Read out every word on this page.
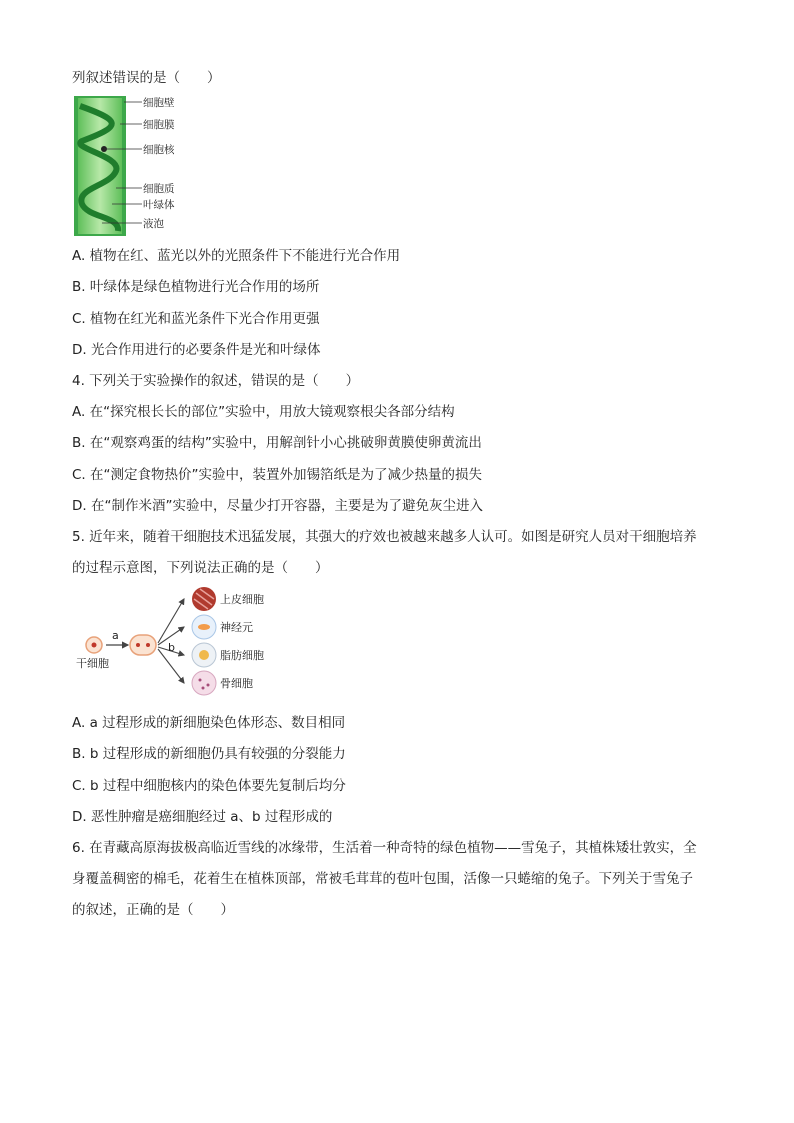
列叙述错误的是（　　）
细胞壁
细胞膜
细胞核
细胞质
叶绿体
液泡
A. 植物在红、蓝光以外的光照条件下不能进行光合作用
B. 叶绿体是绿色植物进行光合作用的场所
C. 植物在红光和蓝光条件下光合作用更强
D. 光合作用进行的必要条件是光和叶绿体
4. 下列关于实验操作的叙述，错误的是（　　）
A. 在“探究根长长的部位”实验中，用放大镜观察根尖各部分结构
B. 在“观察鸡蛋的结构”实验中，用解剖针小心挑破卵黄膜使卵黄流出
C. 在“测定食物热价”实验中，装置外加锡箔纸是为了减少热量的损失
D. 在“制作米酒”实验中，尽量少打开容器，主要是为了避免灰尘进入
5. 近年来，随着干细胞技术迅猛发展，其强大的疗效也被越来越多人认可。如图是研究人员对干细胞培养
的过程示意图，下列说法正确的是（　　）
干细胞
a
b
上皮细胞
神经元
脂肪细胞
骨细胞
A. a 过程形成的新细胞染色体形态、数目相同
B. b 过程形成的新细胞仍具有较强的分裂能力
C. b 过程中细胞核内的染色体要先复制后均分
D. 恶性肿瘤是癌细胞经过 a、b 过程形成的
6. 在青藏高原海拔极高临近雪线的冰缘带，生活着一种奇特的绿色植物——雪兔子，其植株矮壮敦实，全
身覆盖稠密的棉毛，花着生在植株顶部，常被毛茸茸的苞叶包围，活像一只蜷缩的兔子。下列关于雪兔子
的叙述，正确的是（　　）
